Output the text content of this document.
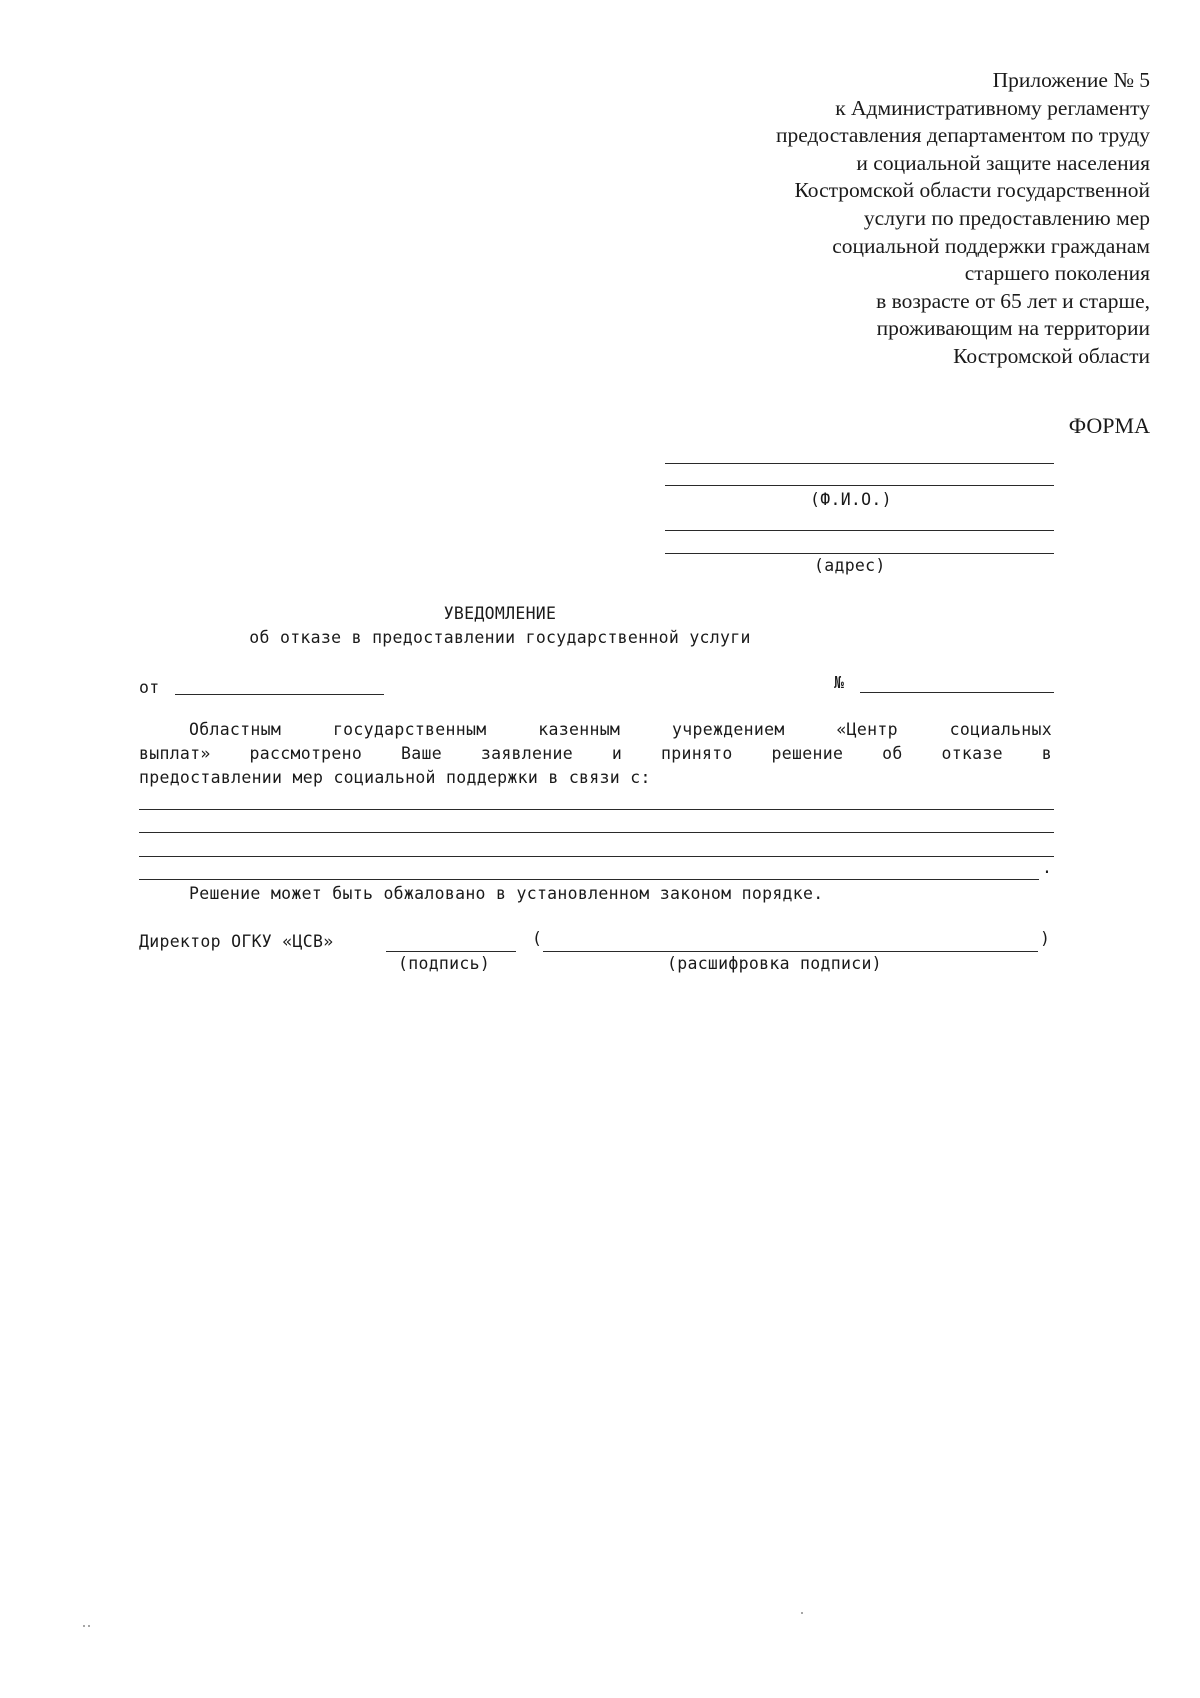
Приложение № 5
к Административному регламенту
предоставления департаментом по труду
и социальной защите населения
Костромской области государственной
услуги по предоставлению мер
социальной поддержки гражданам
старшего поколения
в возрасте от 65 лет и старше,
проживающим на территории
Костромской области
ФОРМА
(Ф.И.О.)
(адрес)
УВЕДОМЛЕНИЕ
об отказе в предоставлении государственной услуги
от	№
Областным государственным казенным учреждением «Центр социальных
выплат» рассмотрено Ваше заявление и принято решение об отказе в
предоставлении мер социальной поддержки в связи с:
.
Решение может быть обжаловано в установленном законом порядке.
Директор ОГКУ «ЦСВ»
(подпись)
(	)
(расшифровка подписи)
